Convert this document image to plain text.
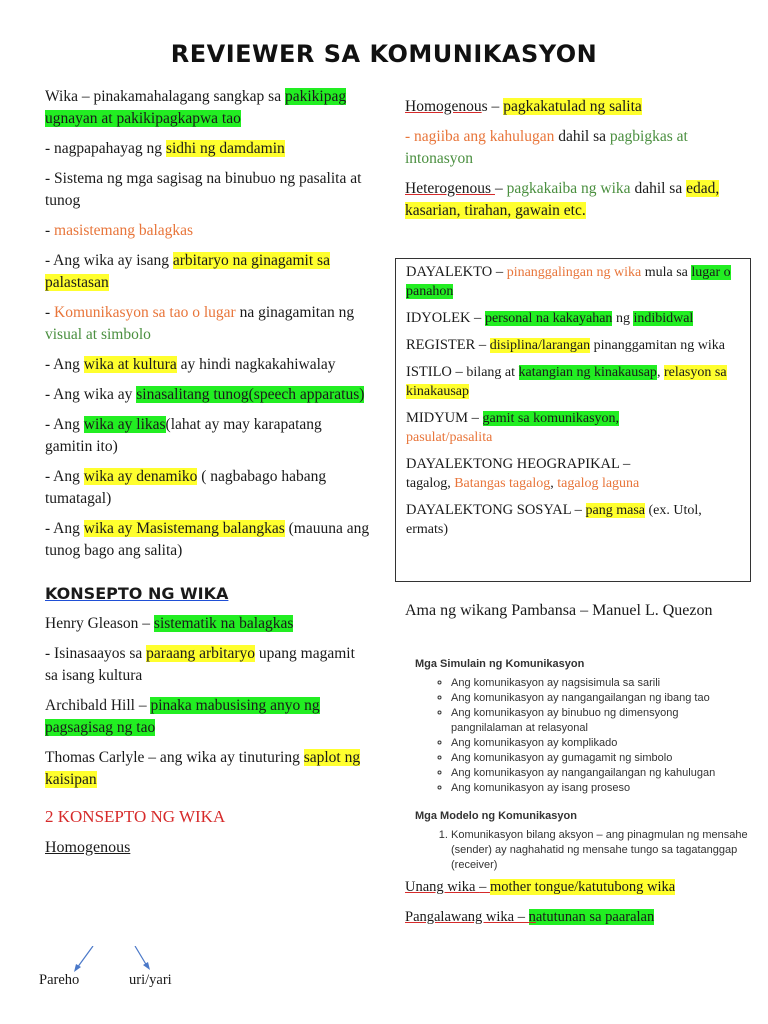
REVIEWER SA KOMUNIKASYON

Wika – pinakamahalagang sangkap sa pakikipag ugnayan at pakikipagkapwa tao

- nagpapahayag ng sidhi ng damdamin

- Sistema ng mga sagisag na binubuo ng pasalita at tunog

- masistemang balagkas

- Ang wika ay isang arbitaryo na ginagamit sa palastasan

- Komunikasyon sa tao o lugar na ginagamitan ng visual at simbolo

- Ang wika at kultura ay hindi nagkakahiwalay

- Ang wika ay sinasalitang tunog(speech apparatus)

- Ang wika ay likas(lahat ay may karapatang gamitin ito)

- Ang wika ay denamiko ( nagbabago habang tumatagal)

- Ang wika ay Masistemang balangkas (mauuna ang tunog bago ang salita)

KONSEPTO NG WIKA

Henry Gleason – sistematik na balagkas

- Isinasaayos sa paraang arbitaryo upang magamit sa isang kultura

Archibald Hill – pinaka mabusising anyo ng pagsagisag ng tao

Thomas Carlyle – ang wika ay tinuturing saplot ng kaisipan

2 KONSEPTO NG WIKA

Homogenous

Pareho	uri/yari

Homogenous – pagkakatulad ng salita

- nagiiba ang kahulugan dahil sa pagbigkas at intonasyon

Heterogenous – pagkakaiba ng wika dahil sa edad, kasarian, tirahan, gawain etc.

DAYALEKTO – pinanggalingan ng wika mula sa lugar o panahon

IDYOLEK – personal na kakayahan ng indibidwal

REGISTER – disiplina/larangan pinanggamitan ng wika

ISTILO – bilang at katangian ng kinakausap, relasyon sa kinakausap

MIDYUM – gamit sa komunikasyon,
pasulat/pasalita

DAYALEKTONG HEOGRAPIKAL –
tagalog, Batangas tagalog, tagalog laguna

DAYALEKTONG SOSYAL – pang masa (ex. Utol, ermats)

Ama ng wikang Pambansa – Manuel L. Quezon

Mga Simulain ng Komunikasyon

◦ Ang komunikasyon ay nagsisimula sa sarili
◦ Ang komunikasyon ay nangangailangan ng ibang tao
◦ Ang komunikasyon ay binubuo ng dimensyong pangnilalaman at relasyonal
◦ Ang komunikasyon ay komplikado
◦ Ang komunikasyon ay gumagamit ng simbolo
◦ Ang komunikasyon ay nangangailangan ng kahulugan
◦ Ang komunikasyon ay isang proseso

Mga Modelo ng Komunikasyon

1. Komunikasyon bilang aksyon – ang pinagmulan ng mensahe (sender) ay naghahatid ng mensahe tungo sa tagatanggap (receiver)

Unang wika – mother tongue/katutubong wika

Pangalawang wika – natutunan sa paaralan
